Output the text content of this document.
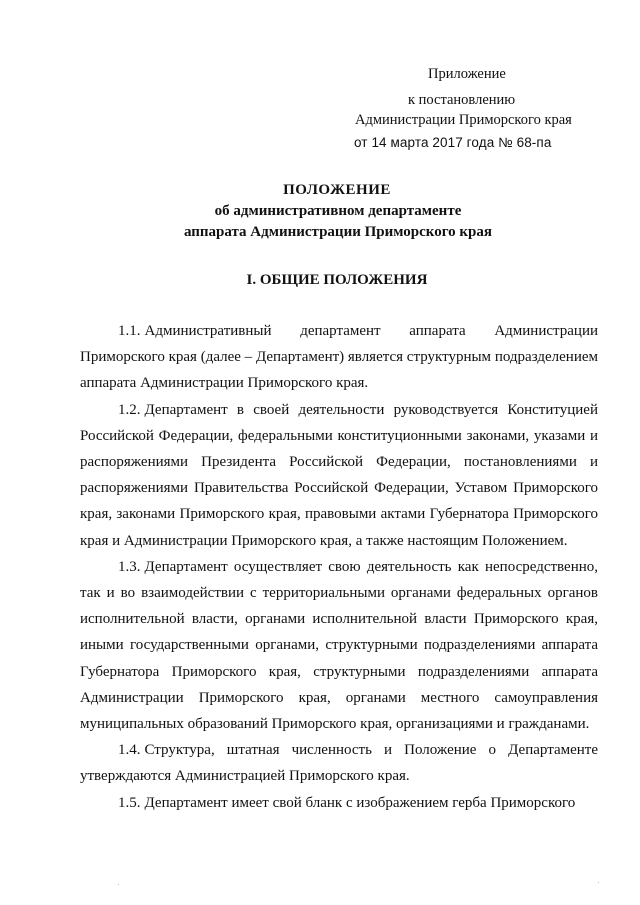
Приложение
к постановлению
Администрации Приморского края
от 14 марта 2017 года № 68-па
ПОЛОЖЕНИЕ
об административном департаменте
аппарата Администрации Приморского края
I. ОБЩИЕ ПОЛОЖЕНИЯ

1.1. Административный департамент аппарата Администрации Приморского края (далее – Департамент) является структурным подразделением аппарата Администрации Приморского края.

1.2. Департамент в своей деятельности руководствуется Конституцией Российской Федерации, федеральными конституционными законами, указами и распоряжениями Президента Российской Федерации, постановлениями и распоряжениями Правительства Российской Федерации, Уставом Приморского края, законами Приморского края, правовыми актами Губернатора Приморского края и Администрации Приморского края, а также настоящим Положением.

1.3. Департамент осуществляет свою деятельность как непосредственно, так и во взаимодействии с территориальными органами федеральных органов исполнительной власти, органами исполнительной власти Приморского края, иными государственными органами, структурными подразделениями аппарата Губернатора Приморского края, структурными подразделениями аппарата Администрации Приморского края, органами местного самоуправления муниципальных образований Приморского края, организациями и гражданами.

1.4. Структура, штатная численность и Положение о Департаменте утверждаются Администрацией Приморского края.

1.5. Департамент имеет свой бланк с изображением герба Приморского
